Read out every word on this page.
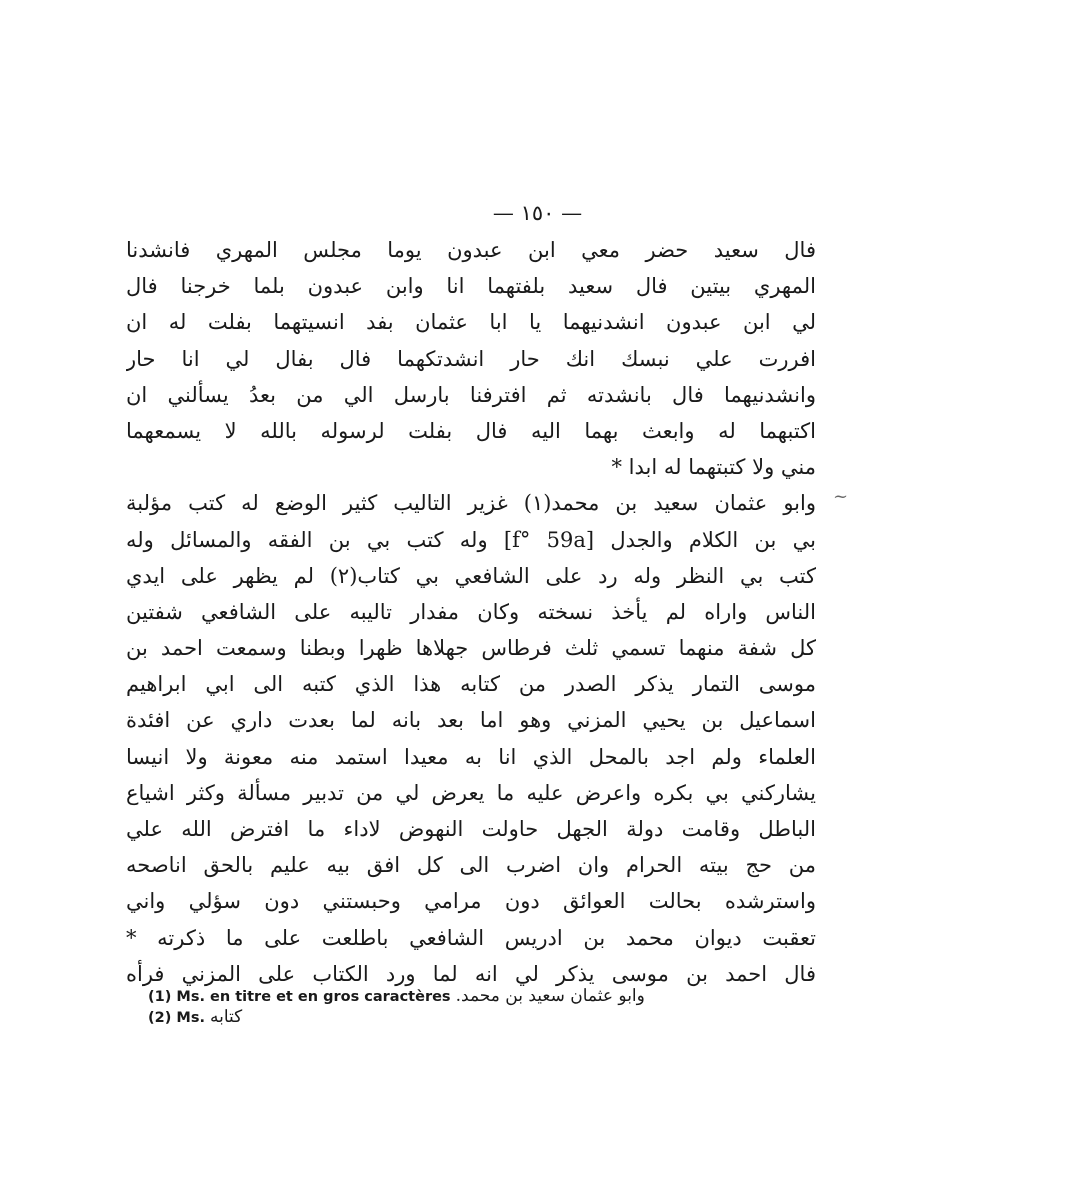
— ١٥٠ —
~
فال سعيد حضر معي ابن عبدون يوما مجلس المهري فانشدنا
المهري بيتين فال سعيد بلفتهما انا وابن عبدون بلما خرجنا فال
لي ابن عبدون انشدنيهما يا ابا عثمان بفد انسيتهما بفلت له ان
افررت علي نبسك انك حار انشدتكهما فال بفال لي انا حار
وانشدنيهما فال بانشدته ثم افترفنا بارسل الي من بعدُ يسألني ان
اكتبهما له وابعث بهما اليه فال بفلت لرسوله بالله لا يسمعهما
مني ولا كتبتهما له ابدا *
وابو عثمان سعيد بن محمد(١) غزير التاليب كثير الوضع له كتب مؤلبة
بي بن الكلام والجدل [f° 59a] وله كتب بي بن الفقه والمسائل وله
كتب بي النظر وله رد على الشافعي بي كتاب(٢) لم يظهر على ايدي
الناس واراه لم يأخذ نسخته وكان مفدار تاليبه على الشافعي شفتين
كل شفة منهما تسمي ثلث فرطاس جهلاها ظهرا وبطنا وسمعت احمد بن
موسى التمار يذكر الصدر من كتابه هذا الذي كتبه الى ابي ابراهيم
اسماعيل بن يحيي المزني وهو اما بعد بانه لما بعدت داري عن افئدة
العلماء ولم اجد بالمحل الذي انا به معيدا استمد منه معونة ولا انيسا
يشاركني بي بكره واعرض عليه ما يعرض لي من تدبير مسألة وكثر اشياع
الباطل وقامت دولة الجهل حاولت النهوض لاداء ما افترض الله علي
من حج بيته الحرام وان اضرب الى كل افق بيه عليم بالحق اناصحه
واسترشده بحالت العوائق دون مرامي وحبستني دون سؤلي واني
تعقبت ديوان محمد بن ادريس الشافعي باطلعت على ما ذكرته *
فال احمد بن موسى يذكر لي انه لما ورد الكتاب على المزني فرأه
(1) Ms. en titre et en gros caractères وابو عثمان سعيد بن محمد.
(2) Ms. كتابه
